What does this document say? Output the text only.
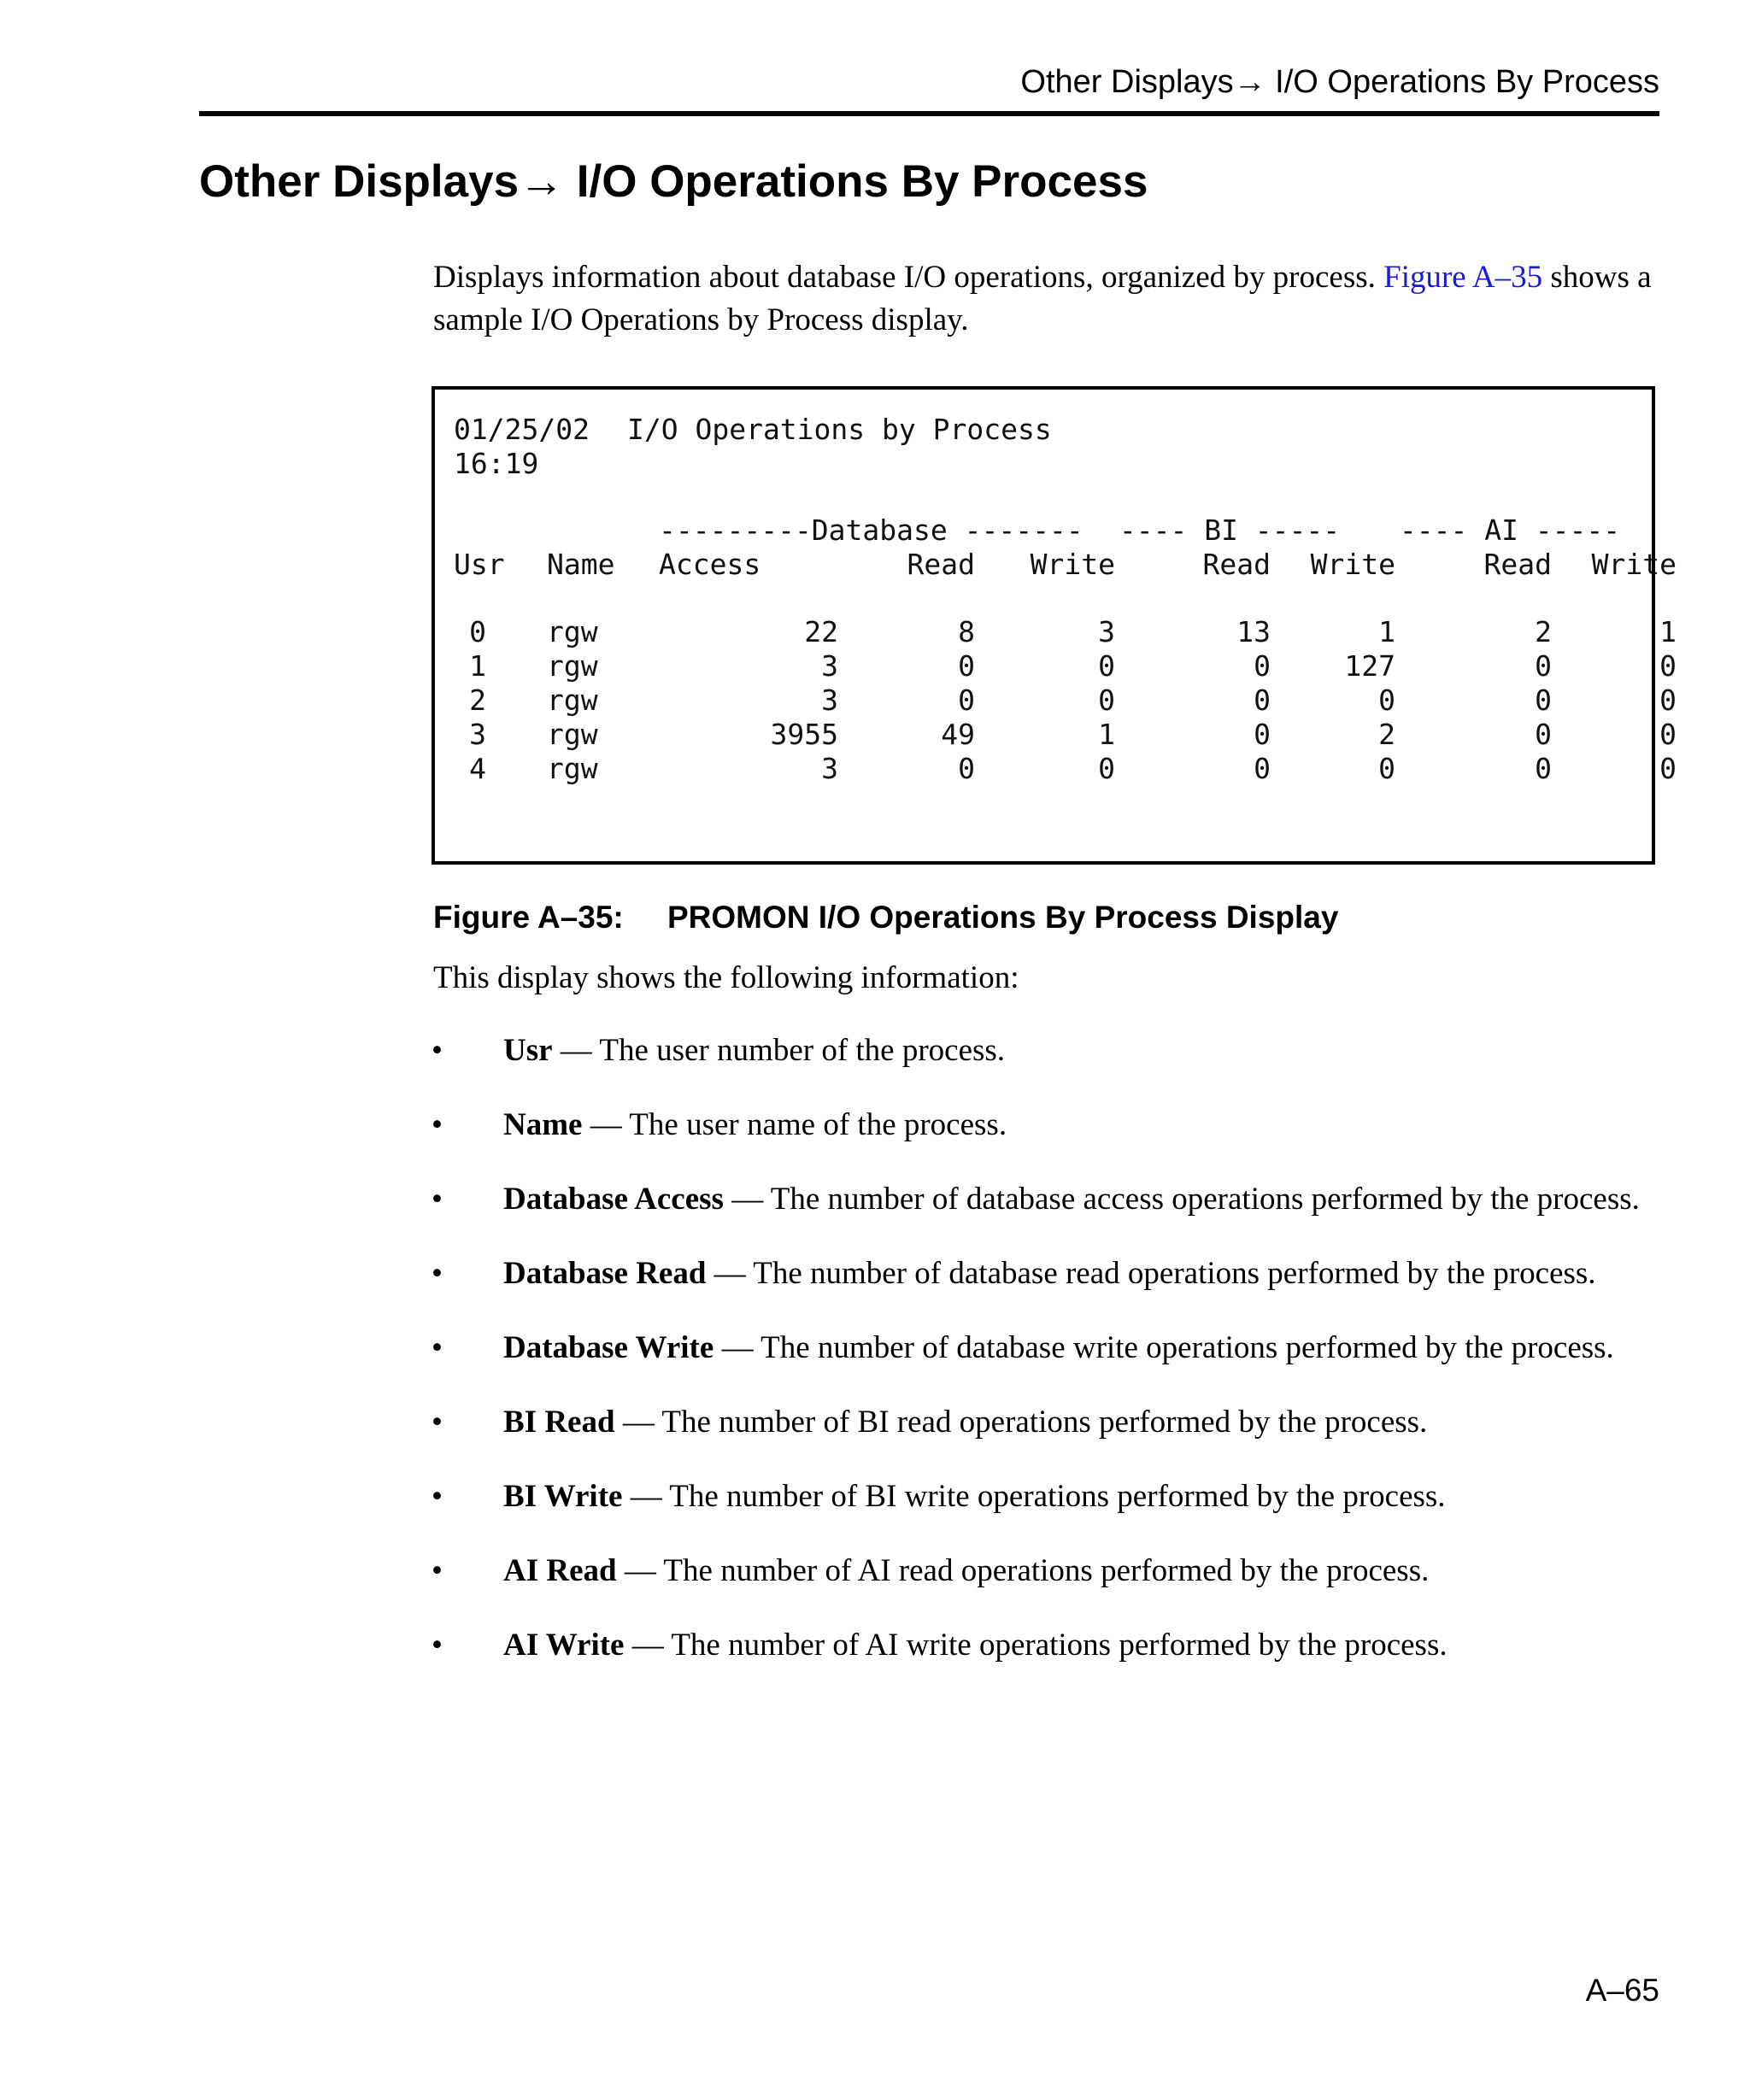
Other Displays→ I/O Operations By Process
Other Displays→ I/O Operations By Process

Displays information about database I/O operations, organized by process. Figure A–35 shows a sample I/O Operations by Process display.

01/25/02
16:19
I/O Operations by Process
---------Database ------- ---- BI ----- ---- AI -----
Usr Name Access	Read	Write	Read	Write	Read	Write
0 rgw	22	8	3	13	1	2	1
1 rgw	3	0	0	0	127	0	0
2 rgw	3	0	0	0	0	0	0
3 rgw	3955	49	1	0	2	0	0
4 rgw	3	0	0	0	0	0	0

Figure A–35: PROMON I/O Operations By Process Display

This display shows the following information:

• Usr — The user number of the process.
• Name — The user name of the process.
• Database Access — The number of database access operations performed by the process.
• Database Read — The number of database read operations performed by the process.
• Database Write — The number of database write operations performed by the process.
• BI Read — The number of BI read operations performed by the process.
• BI Write — The number of BI write operations performed by the process.
• AI Read — The number of AI read operations performed by the process.
• AI Write — The number of AI write operations performed by the process.
A–65
